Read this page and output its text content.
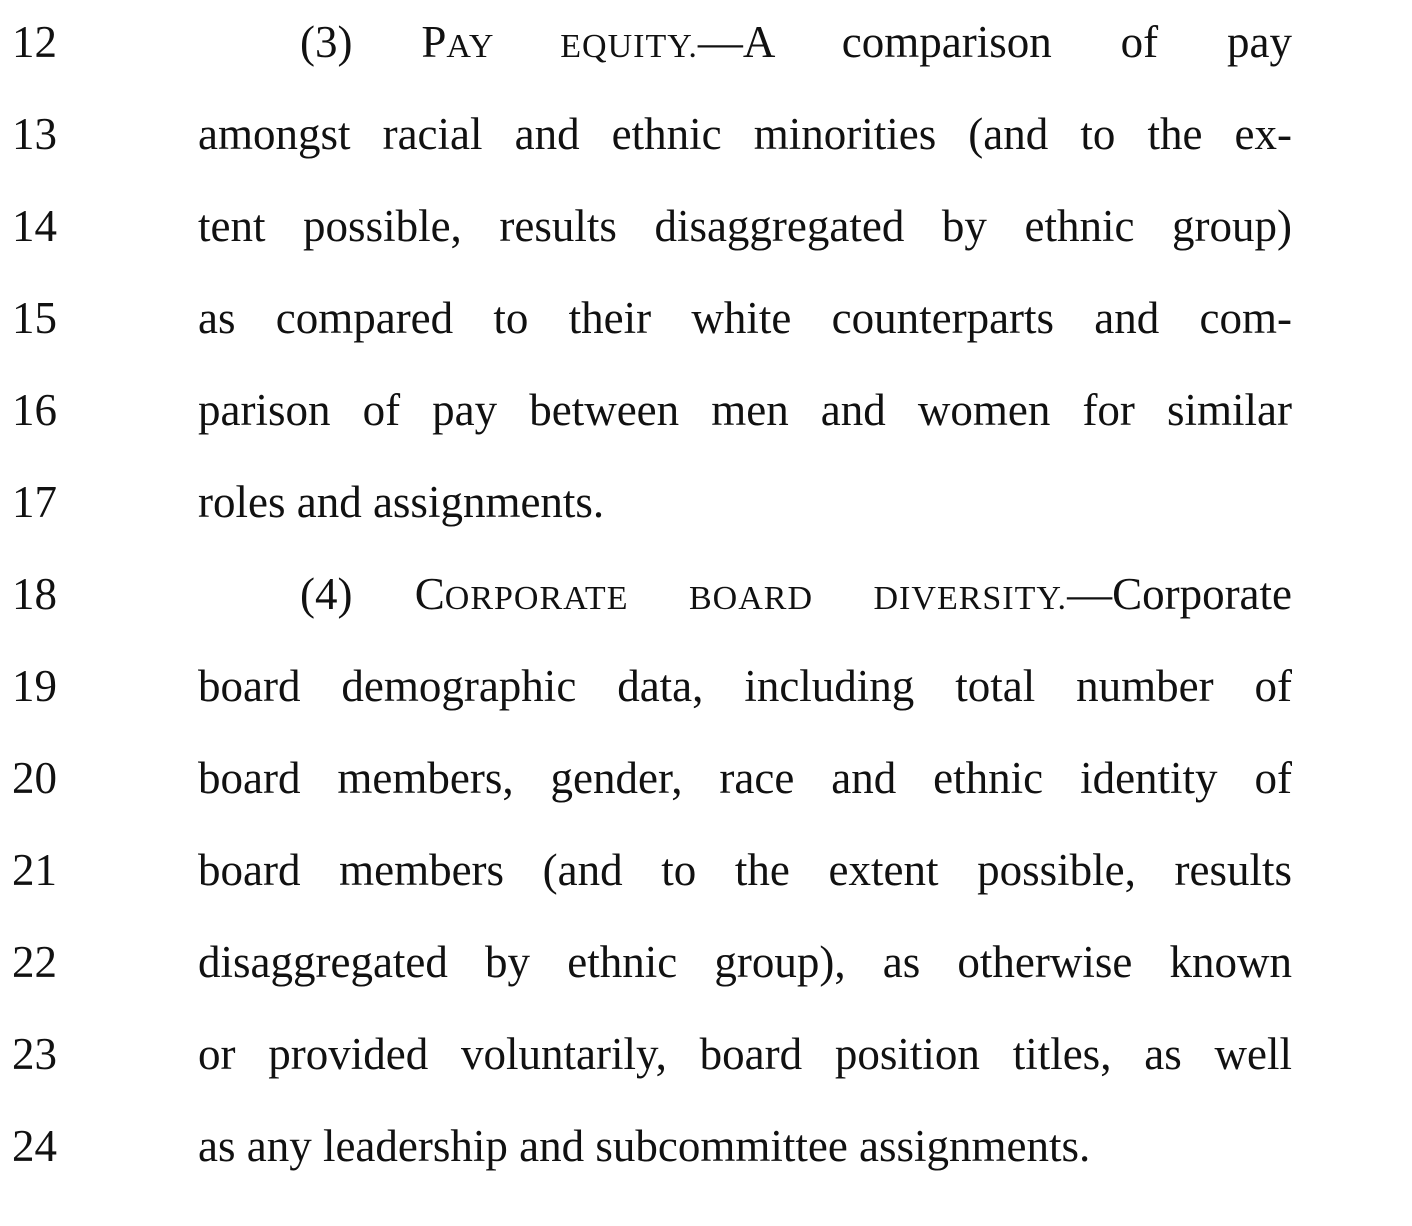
12	(3) PAY EQUITY.—A comparison of pay
13	amongst racial and ethnic minorities (and to the ex-
14	tent possible, results disaggregated by ethnic group)
15	as compared to their white counterparts and com-
16	parison of pay between men and women for similar
17	roles and assignments.
18	(4) CORPORATE BOARD DIVERSITY.—Corporate
19	board demographic data, including total number of
20	board members, gender, race and ethnic identity of
21	board members (and to the extent possible, results
22	disaggregated by ethnic group), as otherwise known
23	or provided voluntarily, board position titles, as well
24	as any leadership and subcommittee assignments.
